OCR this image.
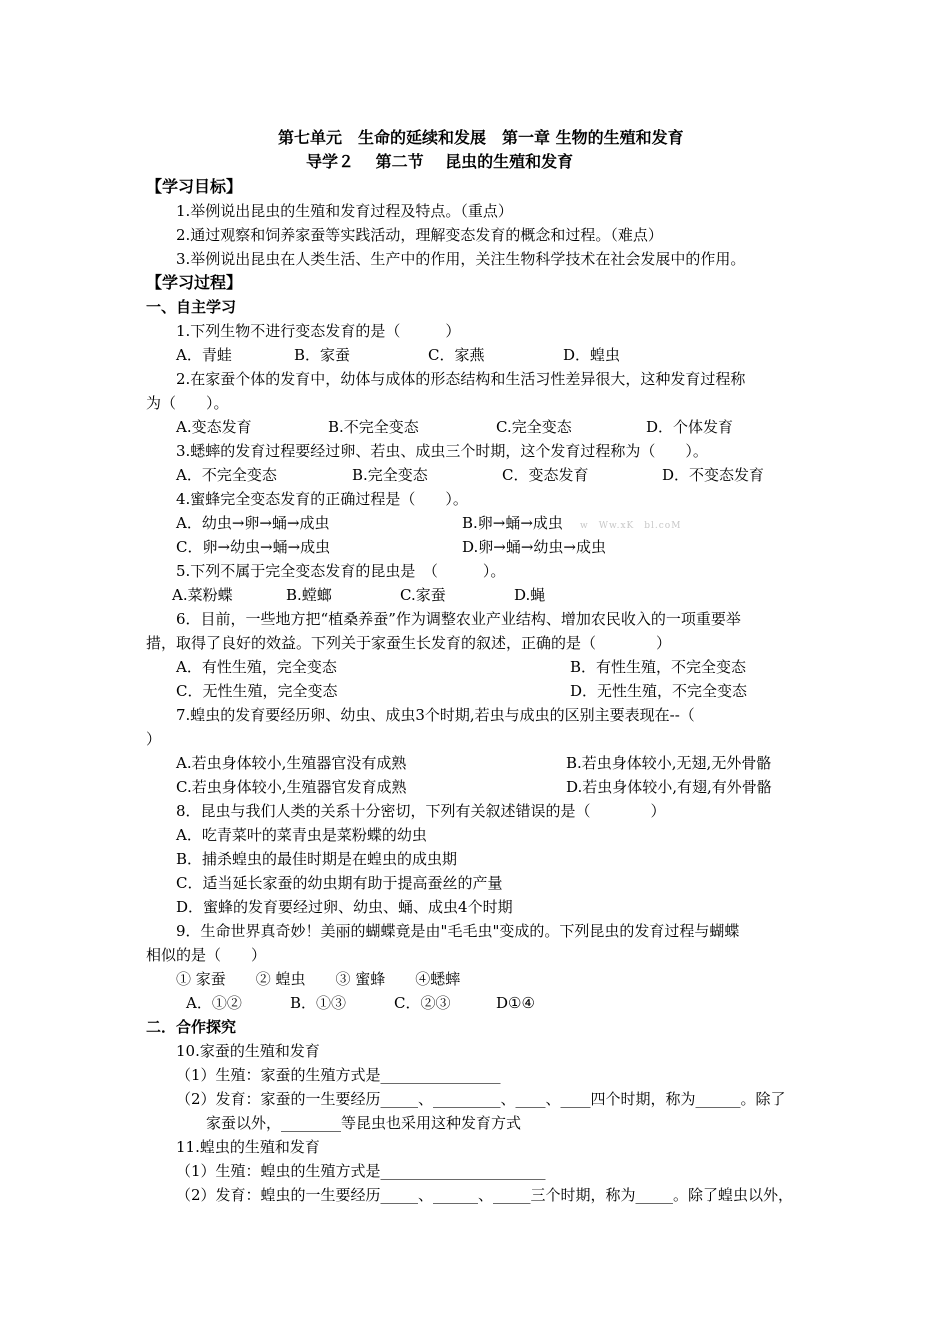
第七单元　生命的延续和发展　第一章 生物的生殖和发育
导学２　 第二节　 昆虫的生殖和发育
【学习目标】
1.举例说出昆虫的生殖和发育过程及特点。（重点）
2.通过观察和饲养家蚕等实践活动，理解变态发育的概念和过程。（难点）
3.举例说出昆虫在人类生活、生产中的作用，关注生物科学技术在社会发展中的作用。
【学习过程】
一、自主学习
1.下列生物不进行变态发育的是（　　　）
A．青蛙	B．家蚕	C．家燕	D．蝗虫
2.在家蚕个体的发育中，幼体与成体的形态结构和生活习性差异很大，这种发育过程称
为（　　）。
A.变态发育	B.不完全变态	C.完全变态	D．个体发育
3.蟋蟀的发育过程要经过卵、若虫、成虫三个时期，这个发育过程称为（　　）。
A．不完全变态	B.完全变态	C．变态发育	D．不变态发育
4.蜜蜂完全变态发育的正确过程是（　　）。
A．幼虫→卵→蛹→成虫	B.卵→蛹→成虫 w　Ww.xK　bl.coM
C．卵→幼虫→蛹→成虫	D.卵→蛹→幼虫→成虫
5.下列不属于完全变态发育的昆虫是　（　　　）。
A.菜粉蝶	B.螳螂	C.家蚕	D.蝇
6．目前，一些地方把“植桑养蚕”作为调整农业产业结构、增加农民收入的一项重要举
措，取得了良好的效益。下列关于家蚕生长发育的叙述，正确的是（　　　　）
A．有性生殖，完全变态	B．有性生殖，不完全变态
C．无性生殖，完全变态	D．无性生殖，不完全变态
7.蝗虫的发育要经历卵、幼虫、成虫3个时期,若虫与成虫的区别主要表现在--（
）
A.若虫身体较小,生殖器官没有成熟	B.若虫身体较小,无翅,无外骨骼
C.若虫身体较小,生殖器官发育成熟	D.若虫身体较小,有翅,有外骨骼
8．昆虫与我们人类的关系十分密切，下列有关叙述错误的是（　　　　）
A．吃青菜叶的菜青虫是菜粉蝶的幼虫
B．捕杀蝗虫的最佳时期是在蝗虫的成虫期
C．适当延长家蚕的幼虫期有助于提高蚕丝的产量
D．蜜蜂的发育要经过卵、幼虫、蛹、成虫4个时期
9．生命世界真奇妙！美丽的蝴蝶竟是由"毛毛虫"变成的。下列昆虫的发育过程与蝴蝶
相似的是（　　）
① 家蚕　　② 蝗虫　　③ 蜜蜂　　④蟋蟀
A．①②	B．①③	C．②③	D①④
二．合作探究
10.家蚕的生殖和发育
（1）生殖：家蚕的生殖方式是________________
（2）发育：家蚕的一生要经历_____、_________、____、____四个时期，称为______。除了
家蚕以外，________等昆虫也采用这种发育方式
11.蝗虫的生殖和发育
（1）生殖：蝗虫的生殖方式是______________________
（2）发育：蝗虫的一生要经历_____、______、_____三个时期，称为_____。除了蝗虫以外，
